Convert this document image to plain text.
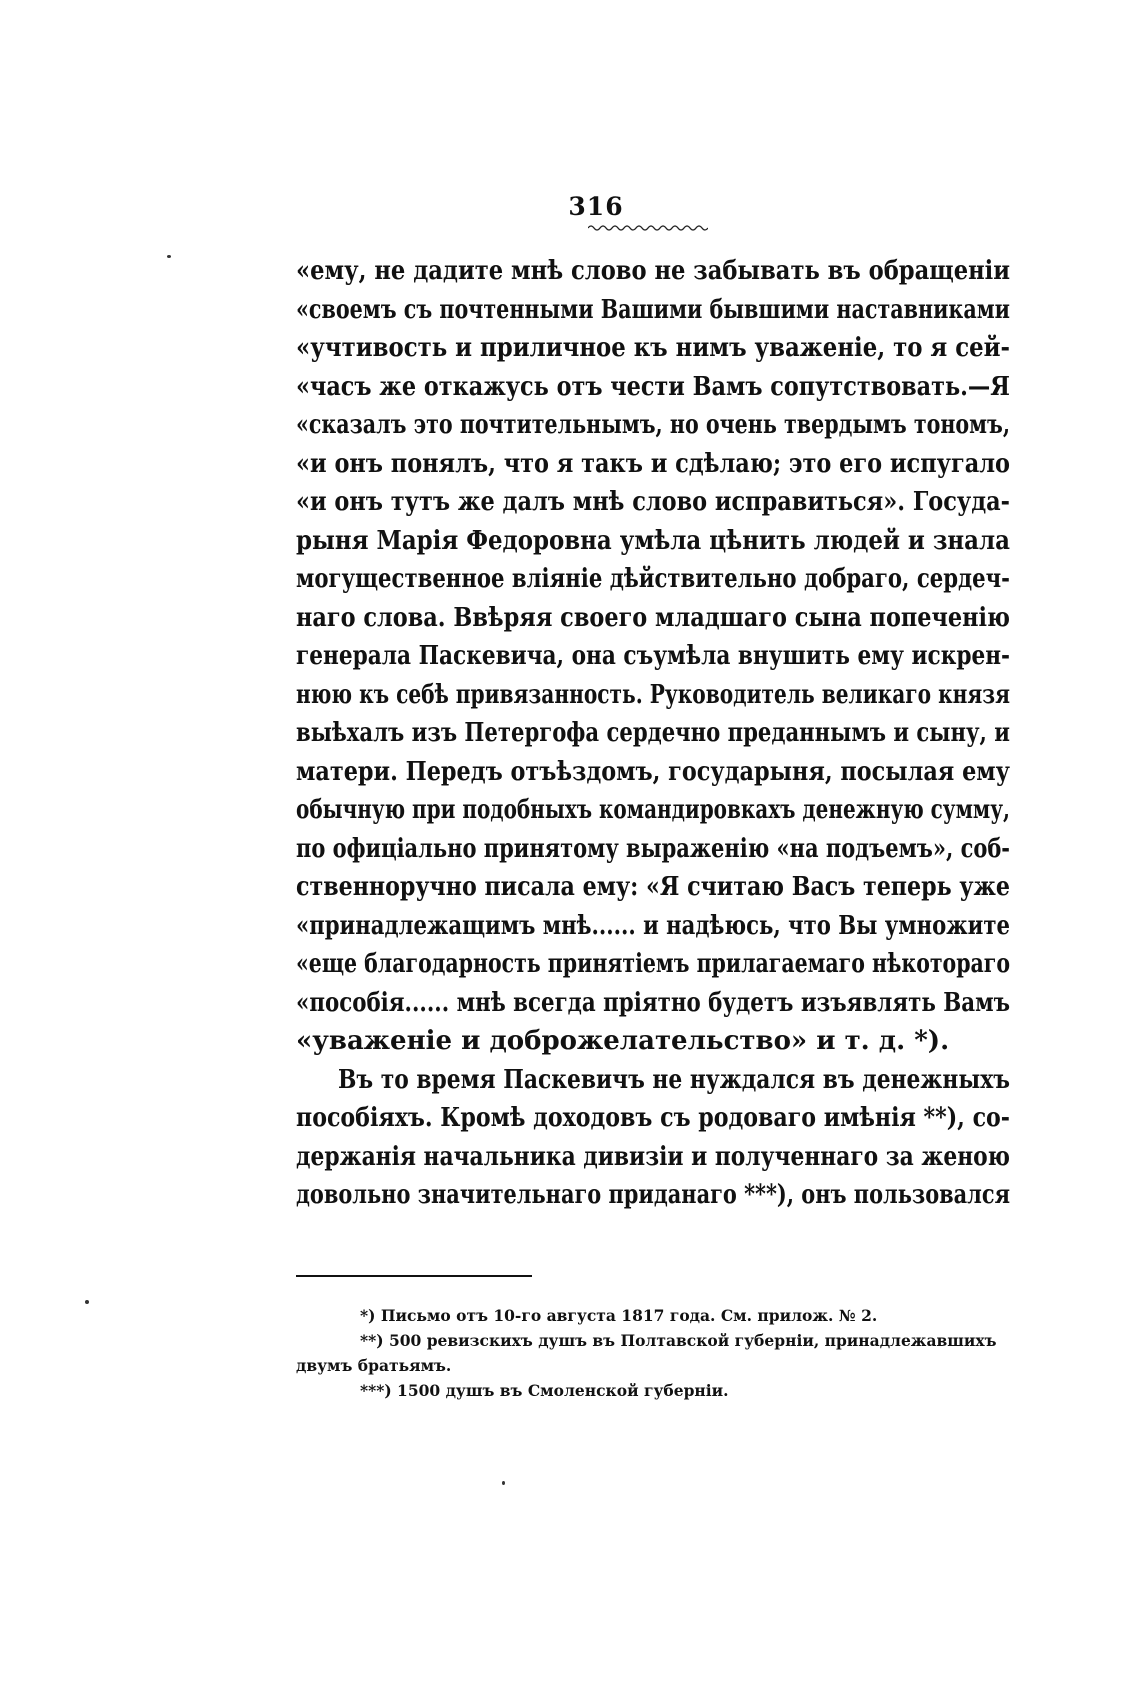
316
«ему, не дадите мнѣ слово не забывать въ обращеніи
«своемъ съ почтенными Вашими бывшими наставниками
«учтивость и приличное къ нимъ уваженіе, то я сей-
«часъ же откажусь отъ чести Вамъ сопутствовать.—Я
«сказалъ это почтительнымъ, но очень твердымъ тономъ,
«и онъ понялъ, что я такъ и сдѣлаю; это его испугало
«и онъ тутъ же далъ мнѣ слово исправиться». Госуда-
рыня Марія Федоровна умѣла цѣнить людей и знала
могущественное вліяніе дѣйствительно добраго, сердеч-
наго слова. Ввѣряя своего младшаго сына попеченію
генерала Паскевича, она съумѣла внушить ему искрен-
нюю къ себѣ привязанность. Руководитель великаго князя
выѣхалъ изъ Петергофа сердечно преданнымъ и сыну, и
матери. Передъ отъѣздомъ, государыня, посылая ему
обычную при подобныхъ командировкахъ денежную сумму,
по офиціально принятому выраженію «на подъемъ», соб-
ственноручно писала ему: «Я считаю Васъ теперь уже
«принадлежащимъ мнѣ...... и надѣюсь, что Вы умножите
«еще благодарность принятіемъ прилагаемаго нѣкотораго
«пособія...... мнѣ всегда пріятно будетъ изъявлять Вамъ
«уваженіе и доброжелательство» и т. д. *).
Въ то время Паскевичъ не нуждался въ денежныхъ
пособіяхъ. Кромѣ доходовъ съ родоваго имѣнія **), со-
держанія начальника дивизіи и полученнаго за женою
довольно значительнаго приданаго ***), онъ пользовался
*) Письмо отъ 10-го августа 1817 года. См. прилож. № 2.
**) 500 ревизскихъ душъ въ Полтавской губерніи, принадлежавшихъ
двумъ братьямъ.
***) 1500 душъ въ Смоленской губерніи.
